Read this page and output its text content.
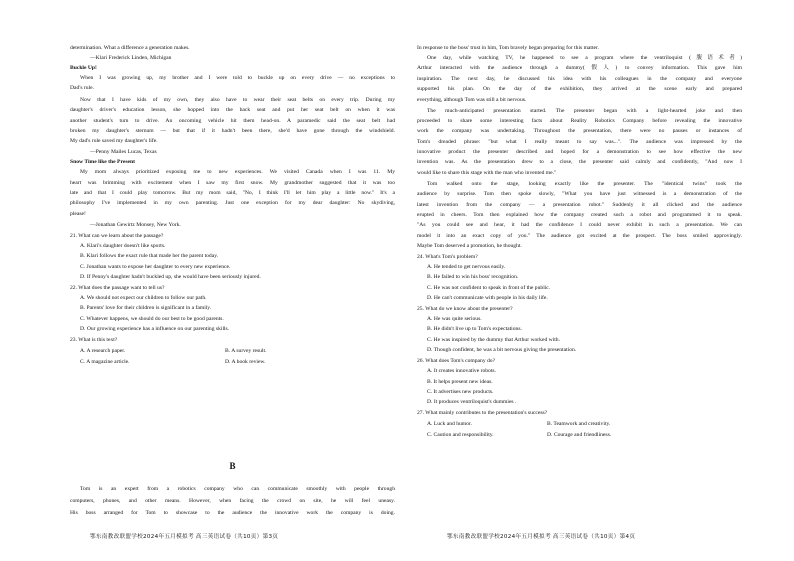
determination. What a difference a generation makes.
—Klari Frederick Linden, Michigan
Buckle Up!
When I was growing up, my brother and I were told to buckle up on every drive — no exceptions to
Dad's rule.
Now that I have kids of my own, they also have to wear their seat belts on every trip. During my
daughter's driver's education lesson, she hopped into the back seat and put her seat belt on when it was
another student's turn to drive. An oncoming vehicle hit them head-on. A paramedic said the seat belt had
broken my daughter's sternum — but that if it hadn't been there, she'd have gone through the windshield.
My dad's rule saved my daughter's life.
—Penny Mailes Lucas, Texas
Snow Time like the Present
My mom always prioritized exposing me to new experiences. We visited Canada when I was 11. My
heart was brimming with excitement when I saw my first snow. My grandmother suggested that it was too
late and that I could play tomorrow. But my mom said, "No, I think I'll let him play a little now." It's a
philosophy I've implemented in my own parenting. Just one exception for my dear daughter: No skydiving,
please!
—Jonathan Gewirtz Monsey, New York.
21. What can we learn about the passage?
A. Klari's daughter doesn't like sports.
B. Klari follows the exact rule that made her the parent today.
C. Jonathan wants to expose her daughter to every new experience.
D. If Penny's daughter hadn't buckled up, she would have been seriously injured.
22. What does the passage want to tell us?
A. We should not expect our children to follow our path.
B. Parents' love for their children is significant in a family.
C. Whatever happens, we should do our best to be good parents.
D. Our growing experience has a influence on our parenting skills.
23. What is this text?
A. A research paper.	B. A survey result.
C. A magazine article.	D. A book review.
B
Tom is an expert from a robotics company who can communicate smoothly with people through
computers, phones, and other means. However, when facing the crowd on site, he will feel uneasy.
His boss arranged for Tom to showcase to the audience the innovative work the company is doing.
鄂东南教改联盟学校2024年五月模拟考 高三英语试卷（共10页）第3页
In response to the boss' trust in him, Tom bravely began preparing for this matter.
One day, while watching TV, he happened to see a program where the ventriloquist (腹语术者)
Arthur interacted with the audience through a dummy(假人) to convey information. This gave him
inspiration. The next day, he discussed his idea with his colleagues in the company and everyone
supported his plan. On the day of the exhibition, they arrived at the scene early and prepared
everything, although Tom was still a bit nervous.
The much-anticipated presentation started. The presenter began with a light-hearted joke and then
proceeded to share some interesting facts about Reality Robotics Company before revealing the innovative
work the company was undertaking. Throughout the presentation, there were no pauses or instances of
Tom's dreaded phrase: "but what I really meant to say was...". The audience was impressed by the
innovative product the presenter described and hoped for a demonstration to see how effective the new
invention was. As the presentation drew to a close, the presenter said calmly and confidently, "And now I
would like to share this stage with the man who invented me."
Tom walked onto the stage, looking exactly like the presenter. The "identical twins" took the
audience by surprise. Tom then spoke slowly, "What you have just witnessed is a demonstration of the
latest invention from the company — a presentation robot." Suddenly it all clicked and the audience
erupted in cheers. Tom then explained how the company created such a robot and programmed it to speak.
"As you could see and hear, it had the confidence I could never exhibit in such a presentation. We can
model it into an exact copy of you." The audience got excited at the prospect. The boss smiled approvingly.
Maybe Tom deserved a promotion, he thought.
24. What's Tom's problem?
A. He tended to get nervous easily.
B. He failed to win his boss' recognition.
C. He was not confident to speak in front of the public.
D. He can't communicate with people in his daily life.
25. What do we know about the presenter?
A. He was quite serious.
B. He didn't live up to Tom's expectations.
C. He was inspired by the dummy that Arthur worked with.
D. Though confident, he was a bit nervous giving the presentation.
26. What does Tom's company do?
A. It creates innovative robots.
B. It helps present new ideas.
C. It advertises new products.
D. It produces ventriloquist's dummies .
27. What mainly contributes to the presentation's success?
A. Luck and humor.	B. Teamwork and creativity.
C. Caution and responsibility.	D. Courage and friendliness.
鄂东南教改联盟学校2024年五月模拟考 高三英语试卷（共10页）第4页
